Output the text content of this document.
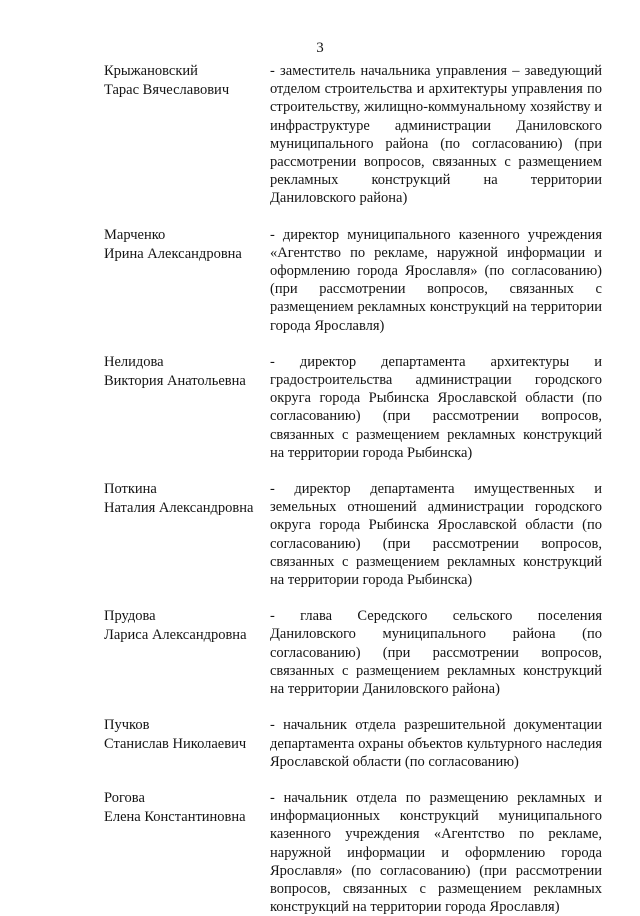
3
Крыжановский
Тарас Вячеславович
- заместитель начальника управления – заведующий отделом строительства и архитектуры управления по строительству, жилищно-коммунальному хозяйству и инфраструктуре администрации Даниловского муниципального района (по согласованию) (при рассмотрении вопросов, связанных с размещением рекламных конструкций на территории Даниловского района)
Марченко
Ирина Александровна
- директор муниципального казенного учреждения «Агентство по рекламе, наружной информации и оформлению города Ярославля» (по согласованию) (при рассмотрении вопросов, связанных с размещением рекламных конструкций на территории города Ярославля)
Нелидова
Виктория Анатольевна
- директор департамента архитектуры и градостроительства администрации городского округа города Рыбинска Ярославской области (по согласованию) (при рассмотрении вопросов, связанных с размещением рекламных конструкций на территории города Рыбинска)
Поткина
Наталия Александровна
- директор департамента имущественных и земельных отношений администрации городского округа города Рыбинска Ярославской области (по согласованию) (при рассмотрении вопросов, связанных с размещением рекламных конструкций на территории города Рыбинска)
Прудова
Лариса Александровна
- глава Середского сельского поселения Даниловского муниципального района (по согласованию) (при рассмотрении вопросов, связанных с размещением рекламных конструкций на территории Даниловского района)
Пучков
Станислав Николаевич
- начальник отдела разрешительной документации департамента охраны объектов культурного наследия Ярославской области (по согласованию)
Рогова
Елена Константиновна
- начальник отдела по размещению рекламных и информационных конструкций муниципального казенного учреждения «Агентство по рекламе, наружной информации и оформлению города Ярославля» (по согласованию) (при рассмотрении вопросов, связанных с размещением рекламных конструкций на территории города Ярославля)
